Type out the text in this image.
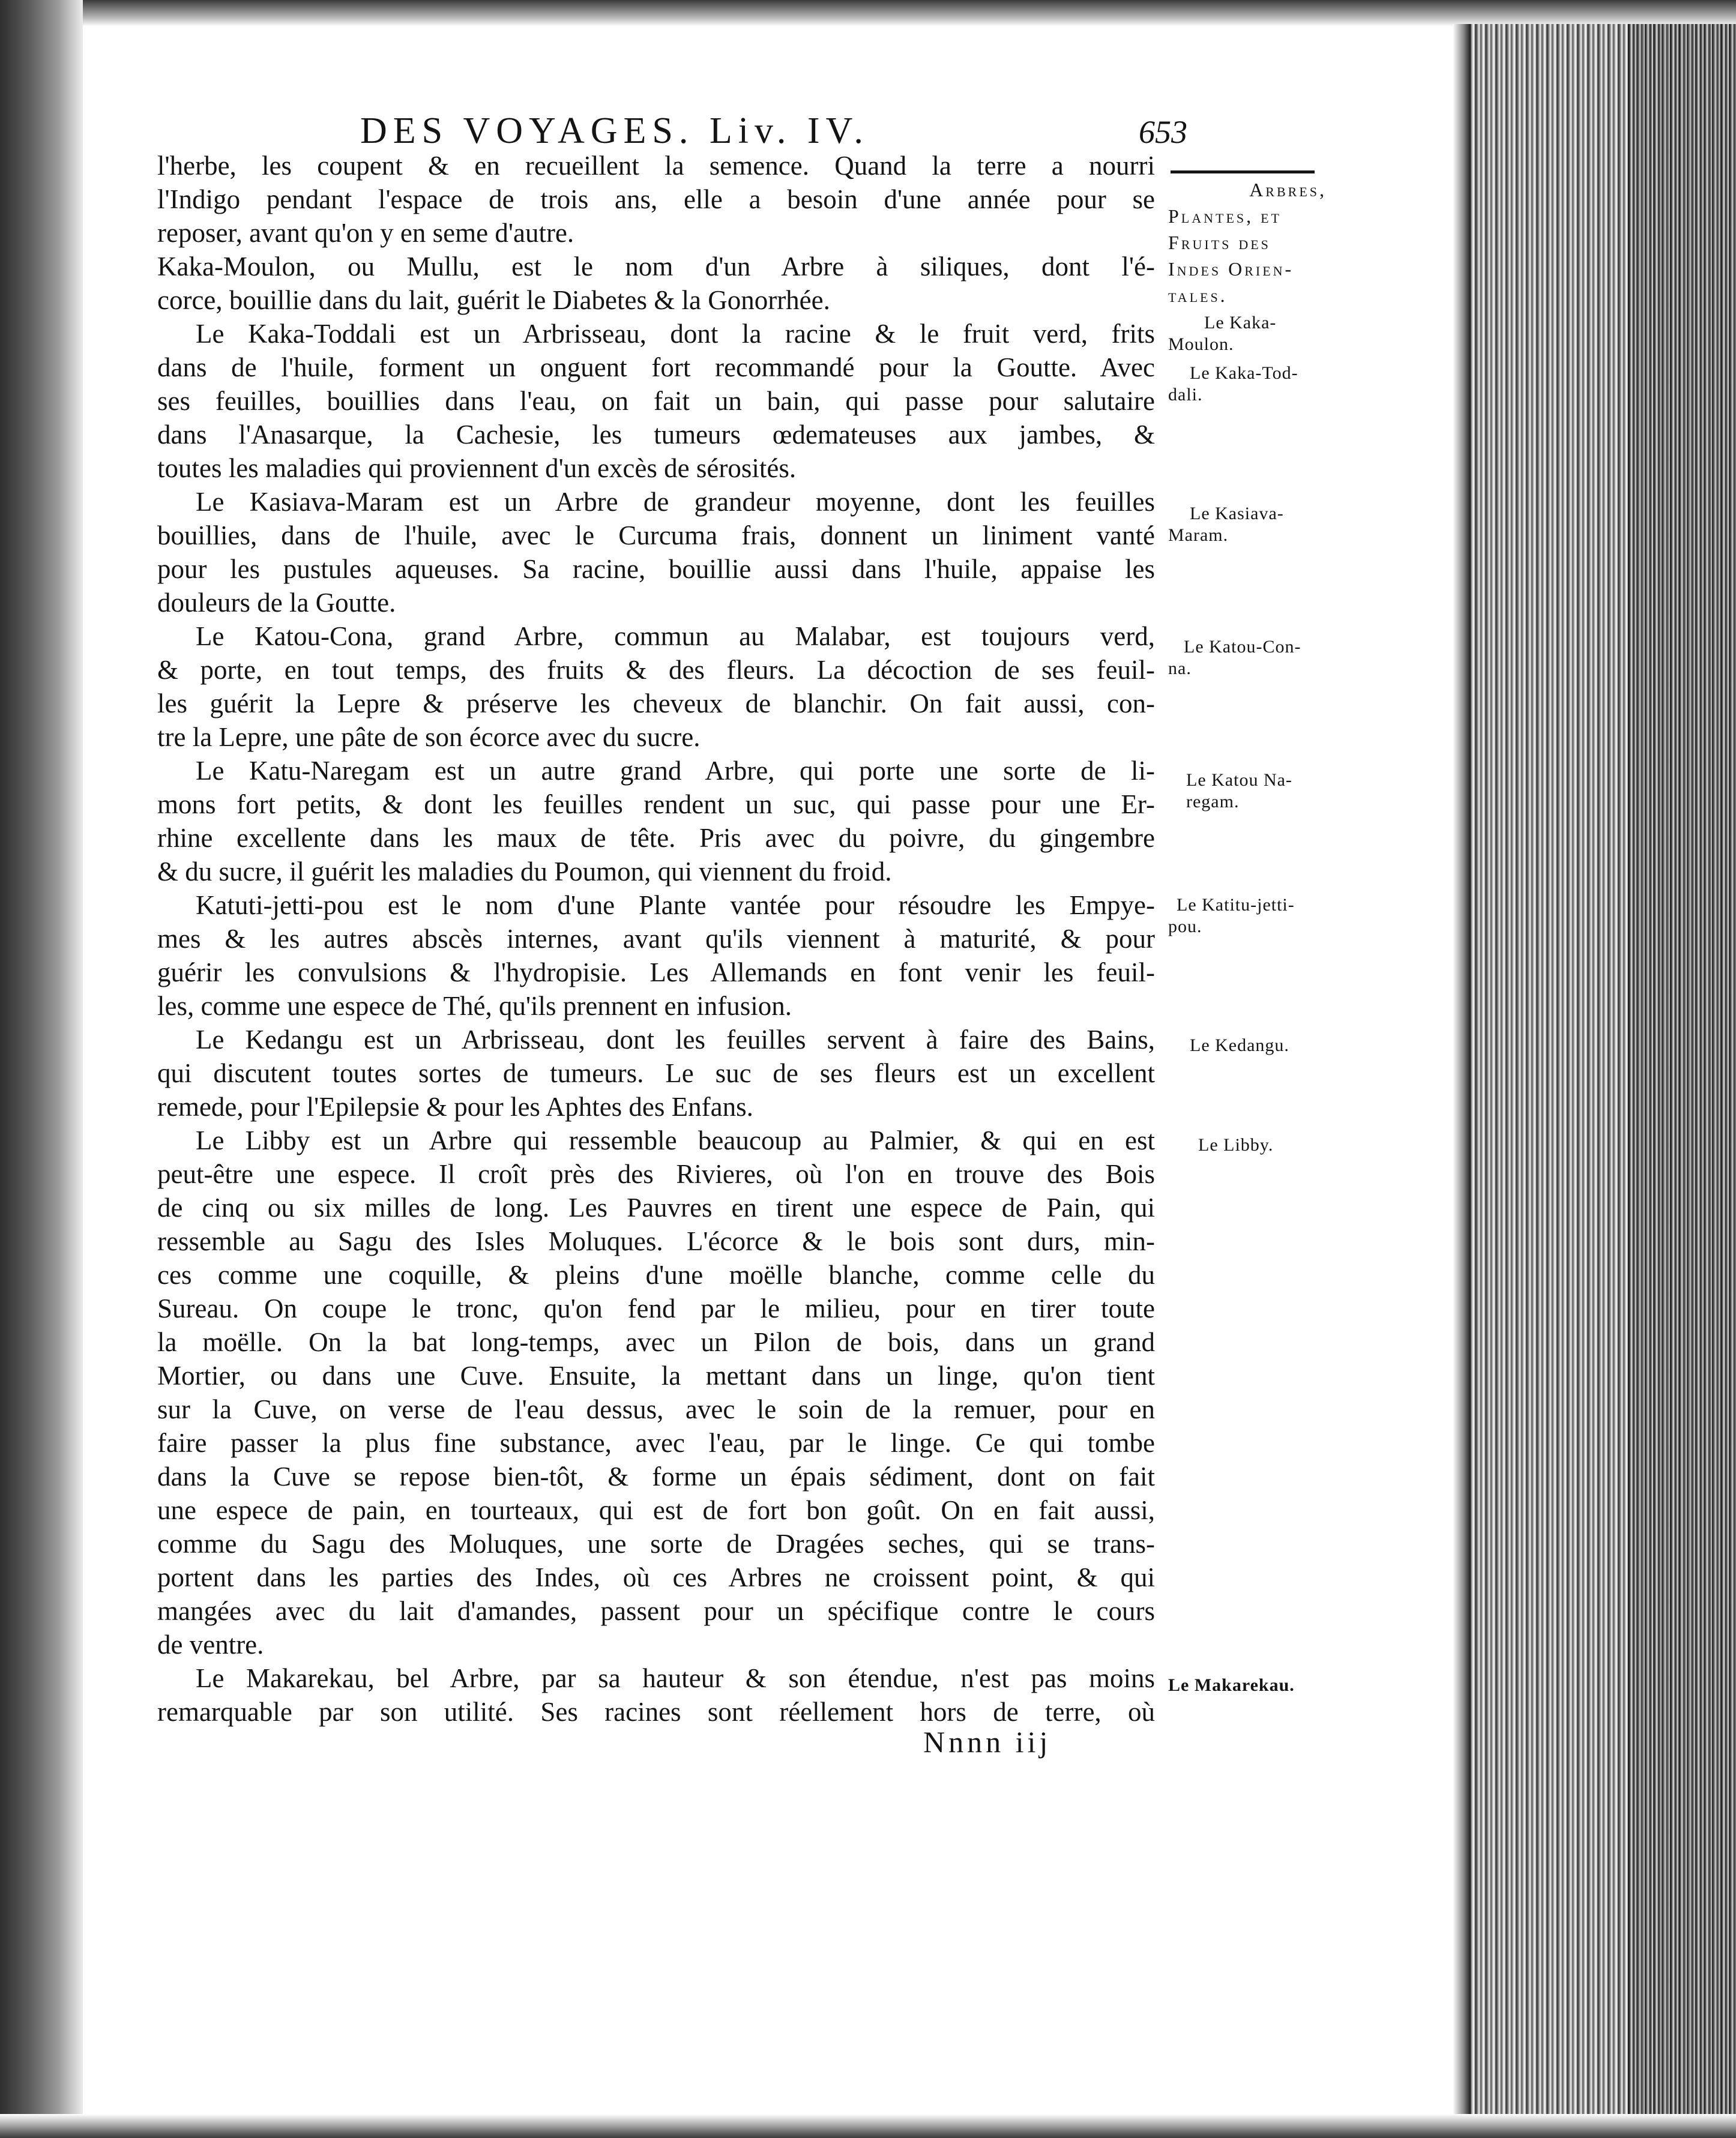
DES VOYAGES. Liv. IV.	653
l'herbe, les coupent & en recueillent la semence. Quand la terre a nourri
l'Indigo pendant l'espace de trois ans, elle a besoin d'une année pour se
reposer, avant qu'on y en seme d'autre.
Kaka-Moulon, ou Mullu, est le nom d'un Arbre à siliques, dont l'é-
corce, bouillie dans du lait, guérit le Diabetes & la Gonorrhée.
Le Kaka-Toddali est un Arbrisseau, dont la racine & le fruit verd, frits
dans de l'huile, forment un onguent fort recommandé pour la Goutte. Avec
ses feuilles, bouillies dans l'eau, on fait un bain, qui passe pour salutaire
dans l'Anasarque, la Cachesie, les tumeurs œdemateuses aux jambes, &
toutes les maladies qui proviennent d'un excès de sérosités.
Le Kasiava-Maram est un Arbre de grandeur moyenne, dont les feuilles
bouillies, dans de l'huile, avec le Curcuma frais, donnent un liniment vanté
pour les pustules aqueuses. Sa racine, bouillie aussi dans l'huile, appaise les
douleurs de la Goutte.
Le Katou-Cona, grand Arbre, commun au Malabar, est toujours verd,
& porte, en tout temps, des fruits & des fleurs. La décoction de ses feuil-
les guérit la Lepre & préserve les cheveux de blanchir. On fait aussi, con-
tre la Lepre, une pâte de son écorce avec du sucre.
Le Katu-Naregam est un autre grand Arbre, qui porte une sorte de li-
mons fort petits, & dont les feuilles rendent un suc, qui passe pour une Er-
rhine excellente dans les maux de tête. Pris avec du poivre, du gingembre
& du sucre, il guérit les maladies du Poumon, qui viennent du froid.
Katuti-jetti-pou est le nom d'une Plante vantée pour résoudre les Empye-
mes & les autres abscès internes, avant qu'ils viennent à maturité, & pour
guérir les convulsions & l'hydropisie. Les Allemands en font venir les feuil-
les, comme une espece de Thé, qu'ils prennent en infusion.
Le Kedangu est un Arbrisseau, dont les feuilles servent à faire des Bains,
qui discutent toutes sortes de tumeurs. Le suc de ses fleurs est un excellent
remede, pour l'Epilepsie & pour les Aphtes des Enfans.
Le Libby est un Arbre qui ressemble beaucoup au Palmier, & qui en est
peut-être une espece. Il croît près des Rivieres, où l'on en trouve des Bois
de cinq ou six milles de long. Les Pauvres en tirent une espece de Pain, qui
ressemble au Sagu des Isles Moluques. L'écorce & le bois sont durs, min-
ces comme une coquille, & pleins d'une moëlle blanche, comme celle du
Sureau. On coupe le tronc, qu'on fend par le milieu, pour en tirer toute
la moëlle. On la bat long-temps, avec un Pilon de bois, dans un grand
Mortier, ou dans une Cuve. Ensuite, la mettant dans un linge, qu'on tient
sur la Cuve, on verse de l'eau dessus, avec le soin de la remuer, pour en
faire passer la plus fine substance, avec l'eau, par le linge. Ce qui tombe
dans la Cuve se repose bien-tôt, & forme un épais sédiment, dont on fait
une espece de pain, en tourteaux, qui est de fort bon goût. On en fait aussi,
comme du Sagu des Moluques, une sorte de Dragées seches, qui se trans-
portent dans les parties des Indes, où ces Arbres ne croissent point, & qui
mangées avec du lait d'amandes, passent pour un spécifique contre le cours
de ventre.
Le Makarekau, bel Arbre, par sa hauteur & son étendue, n'est pas moins
remarquable par son utilité. Ses racines sont réellement hors de terre, où
Arbres,
Plantes, et
Fruits des
Indes Orien-
tales.
Le Kaka-
Moulon.
Le Kaka-Tod-
dali.
Le Kasiava-
Maram.
Le Katou-Con-
na.
Le Katou Na-
regam.
Le Katitu-jetti-
pou.
Le Kedangu.
Le Libby.
Le Makarekau.
Nnnn iij
